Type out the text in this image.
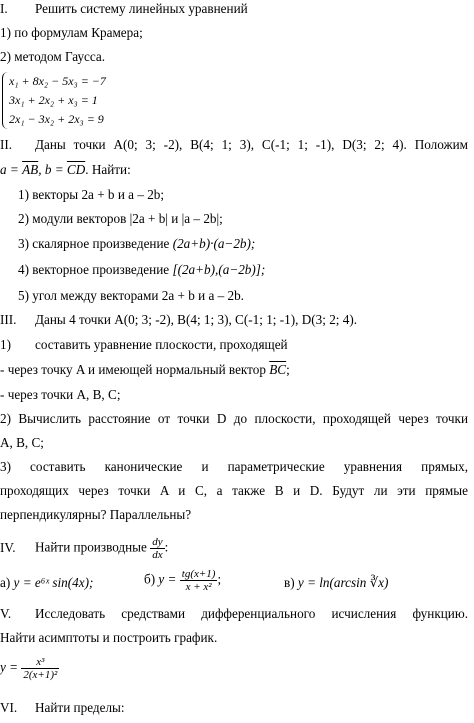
I. Решить систему линейных уравнений
1) по формулам Крамера;
2) методом Гаусса.
x₁ + 8x₂ − 5x₃ = −7
3x₁ + 2x₂ + x₃ = 1
2x₁ − 3x₂ + 2x₃ = 9
II. Даны точки A(0; 3; -2), B(4; 1; 3), C(-1; 1; -1), D(3; 2; 4). Положим
$a = \overline{AB}$, $b = \overline{CD}$. Найти:
1) векторы 2a + b и a – 2b;
2) модули векторов |2a + b| и |a – 2b|;
3) скалярное произведение (2a+b)·(a−2b);
4) векторное произведение [(2a+b),(a−2b)];
5) угол между векторами 2a + b и a – 2b.
III. Даны 4 точки A(0; 3; -2), B(4; 1; 3), C(-1; 1; -1), D(3; 2; 4).
1) составить уравнение плоскости, проходящей
- через точку A и имеющей нормальный вектор $\overline{BC}$;
- через точки A, B, C;
2) Вычислить расстояние от точки D до плоскости, проходящей через точки
A, B, C;
3) составить канонические и параметрические уравнения прямых,
проходящих через точки A и C, а также B и D. Будут ли эти прямые
перпендикулярны? Параллельны?
IV. Найти производные $\frac{dy}{dx}$ :
а) y = e⁶ˣ sin(4x);	б) $y = \frac{tg(x+1)}{\text{x + x²}}$ ;	в) y = ln(arcsin ∛x)
V. Исследовать средствами дифференциального исчисления функцию.
Найти асимптоты и построить график.
$y = \frac{\text{x³}}{\text{2(x+1)²}}$
VI. Найти пределы:
